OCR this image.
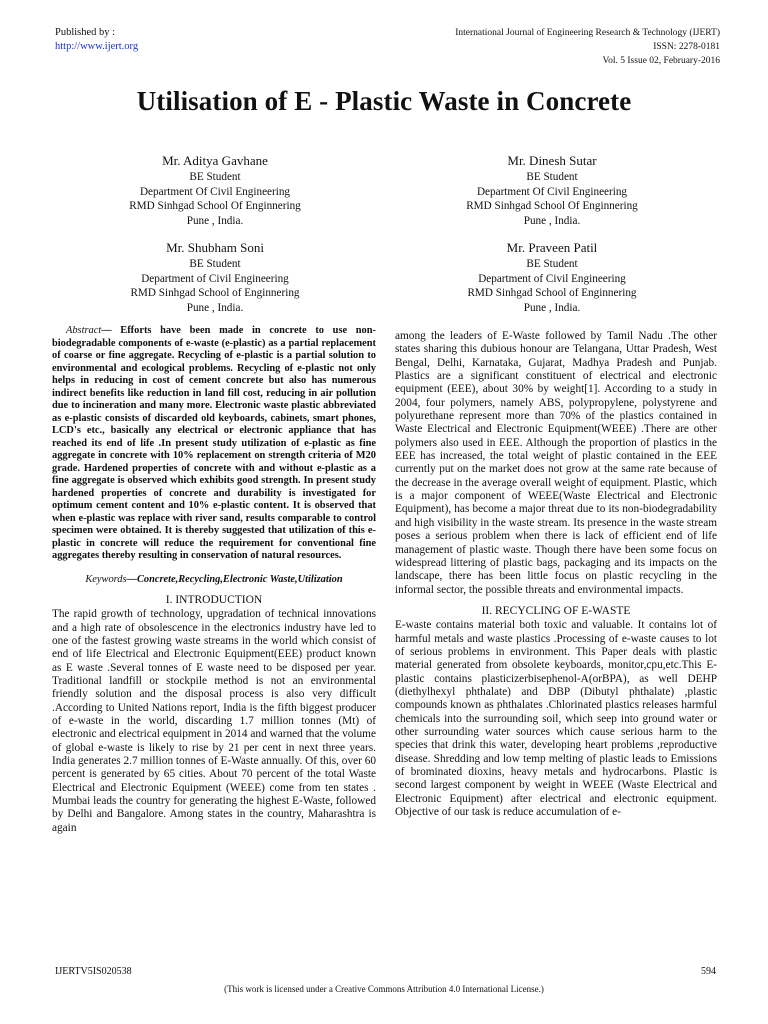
Published by :
http://www.ijert.org
International Journal of Engineering Research & Technology (IJERT)
ISSN: 2278-0181
Vol. 5 Issue 02, February-2016
Utilisation of E - Plastic Waste in Concrete
Mr. Aditya Gavhane
BE Student
Department Of Civil Engineering
RMD Sinhgad School Of Enginnering
Pune , India.
Mr. Dinesh Sutar
BE Student
Department Of Civil Engineering
RMD Sinhgad School Of Enginnering
Pune , India.
Mr. Shubham Soni
BE Student
Department of Civil Engineering
RMD Sinhgad School of Enginnering
Pune , India.
Mr. Praveen Patil
BE Student
Department of Civil Engineering
RMD Sinhgad School of Enginnering
Pune , India.

Abstract— Efforts have been made in concrete to use non-biodegradable components of e-waste (e-plastic) as a partial replacement of coarse or fine aggregate. Recycling of e-plastic is a partial solution to environmental and ecological problems. Recycling of e-plastic not only helps in reducing in cost of cement concrete but also has numerous indirect benefits like reduction in land fill cost, reducing in air pollution due to incineration and many more. Electronic waste plastic abbreviated as e-plastic consists of discarded old keyboards, cabinets, smart phones, LCD's etc., basically any electrical or electronic appliance that has reached its end of life .In present study utilization of e-plastic as fine aggregate in concrete with 10% replacement on strength criteria of M20 grade. Hardened properties of concrete with and without e-plastic as a fine aggregate is observed which exhibits good strength. In present study hardened properties of concrete and durability is investigated for optimum cement content and 10% e-plastic content. It is observed that when e-plastic was replace with river sand, results comparable to control specimen were obtained. It is thereby suggested that utilization of this e-plastic in concrete will reduce the requirement for conventional fine aggregates thereby resulting in conservation of natural resources.

Keywords—Concrete,Recycling,Electronic Waste,Utilization

I. INTRODUCTION

The rapid growth of technology, upgradation of technical innovations and a high rate of obsolescence in the electronics industry have led to one of the fastest growing waste streams in the world which consist of end of life Electrical and Electronic Equipment(EEE) product known as E waste .Several tonnes of E waste need to be disposed per year. Traditional landfill or stockpile method is not an environmental friendly solution and the disposal process is also very difficult .According to United Nations report, India is the fifth biggest producer of e-waste in the world, discarding 1.7 million tonnes (Mt) of electronic and electrical equipment in 2014 and warned that the volume of global e-waste is likely to rise by 21 per cent in next three years. India generates 2.7 million tonnes of E-Waste annually. Of this, over 60 percent is generated by 65 cities. About 70 percent of the total Waste Electrical and Electronic Equipment (WEEE) come from ten states . Mumbai leads the country for generating the highest E-Waste, followed by Delhi and Bangalore. Among states in the country, Maharashtra is again

among the leaders of E-Waste followed by Tamil Nadu .The other states sharing this dubious honour are Telangana, Uttar Pradesh, West Bengal, Delhi, Karnataka, Gujarat, Madhya Pradesh and Punjab. Plastics are a significant constituent of electrical and electronic equipment (EEE), about 30% by weight[1]. According to a study in 2004, four polymers, namely ABS, polypropylene, polystyrene and polyurethane represent more than 70% of the plastics contained in Waste Electrical and Electronic Equipment(WEEE) .There are other polymers also used in EEE. Although the proportion of plastics in the EEE has increased, the total weight of plastic contained in the EEE currently put on the market does not grow at the same rate because of the decrease in the average overall weight of equipment. Plastic, which is a major component of WEEE(Waste Electrical and Electronic Equipment), has become a major threat due to its non-biodegradability and high visibility in the waste stream. Its presence in the waste stream poses a serious problem when there is lack of efficient end of life management of plastic waste. Though there have been some focus on widespread littering of plastic bags, packaging and its impacts on the landscape, there has been little focus on plastic recycling in the informal sector, the possible threats and environmental impacts.

II. RECYCLING OF E-WASTE

E-waste contains material both toxic and valuable. It contains lot of harmful metals and waste plastics .Processing of e-waste causes to lot of serious problems in environment. This Paper deals with plastic material generated from obsolete keyboards, monitor,cpu,etc.This E-plastic contains plasticizerbisephenol-A(orBPA), as well DEHP (diethylhexyl phthalate) and DBP (Dibutyl phthalate) ,plastic compounds known as phthalates .Chlorinated plastics releases harmful chemicals into the surrounding soil, which seep into ground water or other surrounding water sources which cause serious harm to the species that drink this water, developing heart problems ,reproductive disease. Shredding and low temp melting of plastic leads to Emissions of brominated dioxins, heavy metals and hydrocarbons. Plastic is second largest component by weight in WEEE (Waste Electrical and Electronic Equipment) after electrical and electronic equipment. Objective of our task is reduce accumulation of e-

IJERTV5IS020538	594
(This work is licensed under a Creative Commons Attribution 4.0 International License.)
